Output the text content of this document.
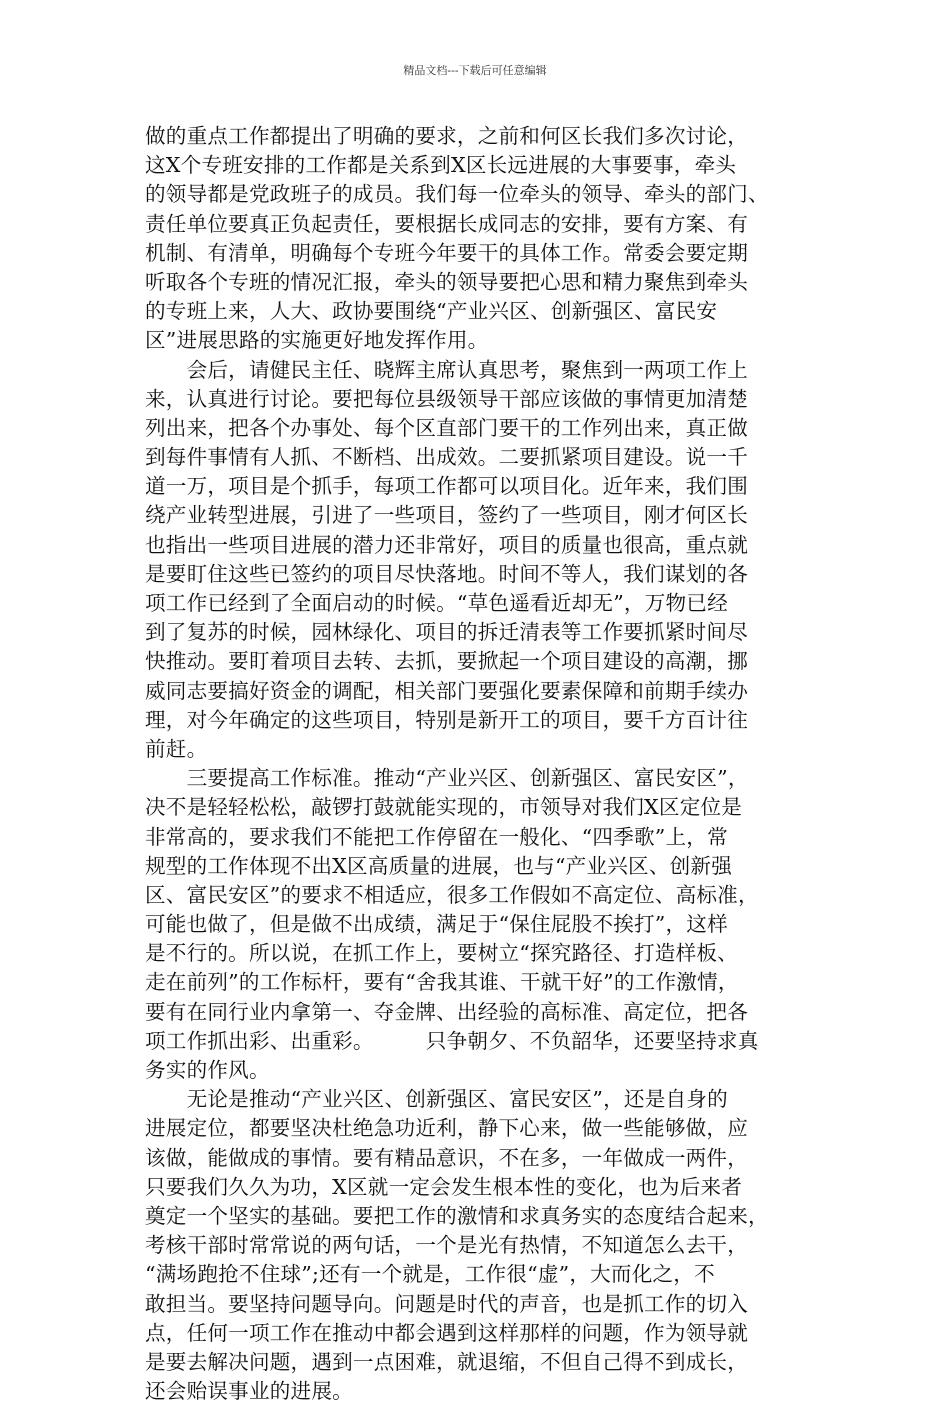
精品文档---下载后可任意编辑
做的重点工作都提出了明确的要求，之前和何区长我们多次讨论，
这X个专班安排的工作都是关系到X区长远进展的大事要事，牵头
的领导都是党政班子的成员。我们每一位牵头的领导、牵头的部门、
责任单位要真正负起责任，要根据长成同志的安排，要有方案、有
机制、有清单，明确每个专班今年要干的具体工作。常委会要定期
听取各个专班的情况汇报，牵头的领导要把心思和精力聚焦到牵头
的专班上来，人大、政协要围绕“产业兴区、创新强区、富民安
区”进展思路的实施更好地发挥作用。
　　会后，请健民主任、晓辉主席认真思考，聚焦到一两项工作上
来，认真进行讨论。要把每位县级领导干部应该做的事情更加清楚
列出来，把各个办事处、每个区直部门要干的工作列出来，真正做
到每件事情有人抓、不断档、出成效。二要抓紧项目建设。说一千
道一万，项目是个抓手，每项工作都可以项目化。近年来，我们围
绕产业转型进展，引进了一些项目，签约了一些项目，刚才何区长
也指出一些项目进展的潜力还非常好，项目的质量也很高，重点就
是要盯住这些已签约的项目尽快落地。时间不等人，我们谋划的各
项工作已经到了全面启动的时候。“草色遥看近却无”，万物已经
到了复苏的时候，园林绿化、项目的拆迁清表等工作要抓紧时间尽
快推动。要盯着项目去转、去抓，要掀起一个项目建设的高潮，挪
威同志要搞好资金的调配，相关部门要强化要素保障和前期手续办
理，对今年确定的这些项目，特别是新开工的项目，要千方百计往
前赶。
　　三要提高工作标准。推动“产业兴区、创新强区、富民安区”，
决不是轻轻松松，敲锣打鼓就能实现的，市领导对我们X区定位是
非常高的，要求我们不能把工作停留在一般化、“四季歌”上，常
规型的工作体现不出X区高质量的进展，也与“产业兴区、创新强
区、富民安区”的要求不相适应，很多工作假如不高定位、高标准，
可能也做了，但是做不出成绩，满足于“保住屁股不挨打”，这样
是不行的。所以说，在抓工作上，要树立“探究路径、打造样板、
走在前列”的工作标杆，要有“舍我其谁、干就干好”的工作激情，
要有在同行业内拿第一、夺金牌、出经验的高标准、高定位，把各
项工作抓出彩、出重彩。　　　只争朝夕、不负韶华，还要坚持求真
务实的作风。
　　无论是推动“产业兴区、创新强区、富民安区”，还是自身的
进展定位，都要坚决杜绝急功近利，静下心来，做一些能够做，应
该做，能做成的事情。要有精品意识，不在多，一年做成一两件，
只要我们久久为功，X区就一定会发生根本性的变化，也为后来者
奠定一个坚实的基础。要把工作的激情和求真务实的态度结合起来，
考核干部时常常说的两句话，一个是光有热情，不知道怎么去干，
“满场跑抢不住球”;还有一个就是，工作很“虚”，大而化之，不
敢担当。要坚持问题导向。问题是时代的声音，也是抓工作的切入
点，任何一项工作在推动中都会遇到这样那样的问题，作为领导就
是要去解决问题，遇到一点困难，就退缩，不但自己得不到成长，
还会贻误事业的进展。
